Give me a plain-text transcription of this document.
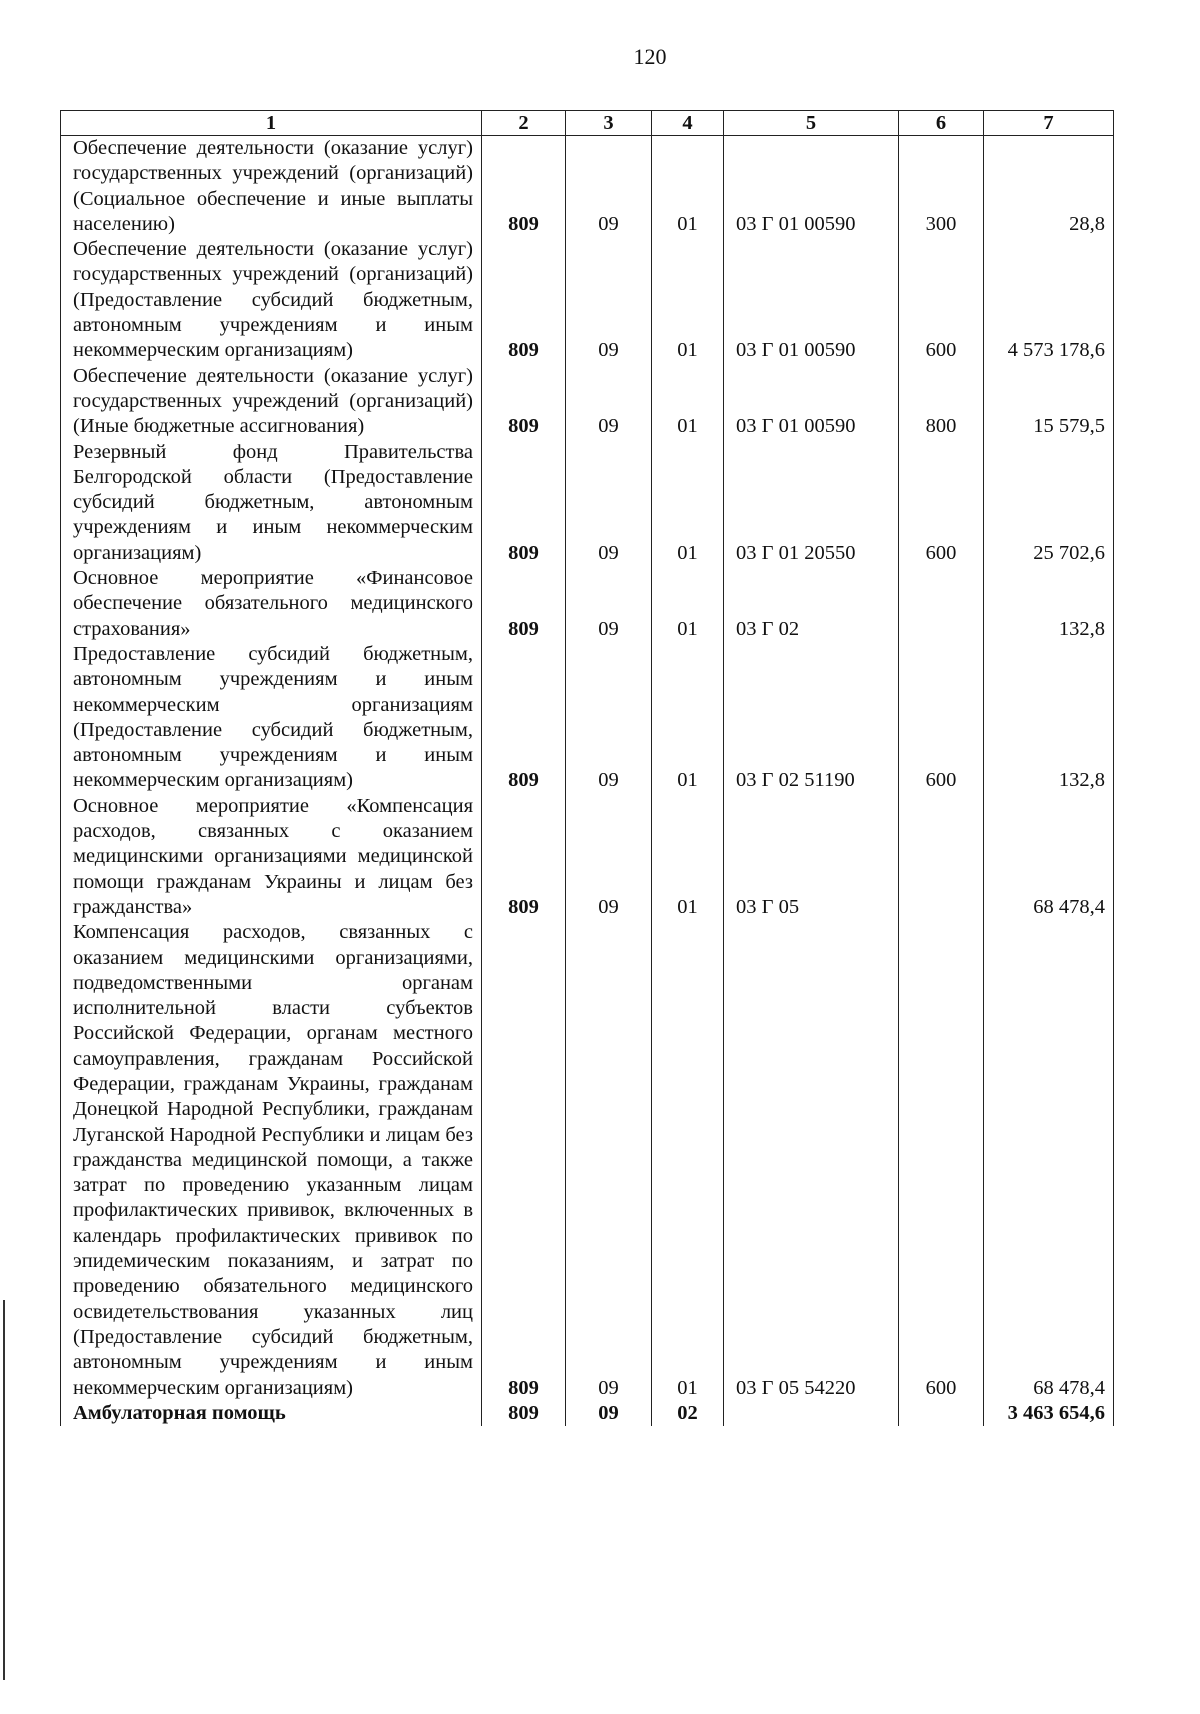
120
1	2	3	4	5	6	7
Обеспечение деятельности (оказание услуг) государственных учреждений (организаций) (Социальное обеспечение и иные выплаты населению)	809	09	01	03 Г 01 00590	300	28,8
Обеспечение деятельности (оказание услуг) государственных учреждений (организаций) (Предоставление субсидий бюджетным, автономным учреждениям и иным некоммерческим организациям)	809	09	01	03 Г 01 00590	600	4 573 178,6
Обеспечение деятельности (оказание услуг) государственных учреждений (организаций) (Иные бюджетные ассигнования)	809	09	01	03 Г 01 00590	800	15 579,5
Резервный фонд Правительства Белгородской области (Предоставление субсидий бюджетным, автономным учреждениям и иным некоммерческим организациям)	809	09	01	03 Г 01 20550	600	25 702,6
Основное мероприятие «Финансовое обеспечение обязательного медицинского страхования»	809	09	01	03 Г 02		132,8
Предоставление субсидий бюджетным, автономным учреждениям и иным некоммерческим организациям (Предоставление субсидий бюджетным, автономным учреждениям и иным некоммерческим организациям)	809	09	01	03 Г 02 51190	600	132,8
Основное мероприятие «Компенсация расходов, связанных с оказанием медицинскими организациями медицинской помощи гражданам Украины и лицам без гражданства»	809	09	01	03 Г 05		68 478,4
Компенсация расходов, связанных с оказанием медицинскими организациями, подведомственными органам исполнительной власти субъектов Российской Федерации, органам местного самоуправления, гражданам Российской Федерации, гражданам Украины, гражданам Донецкой Народной Республики, гражданам Луганской Народной Республики и лицам без гражданства медицинской помощи, а также затрат по проведению указанным лицам профилактических прививок, включенных в календарь профилактических прививок по эпидемическим показаниям, и затрат по проведению обязательного медицинского освидетельствования указанных лиц (Предоставление субсидий бюджетным, автономным учреждениям и иным некоммерческим организациям)	809	09	01	03 Г 05 54220	600	68 478,4
Амбулаторная помощь	809	09	02			3 463 654,6
